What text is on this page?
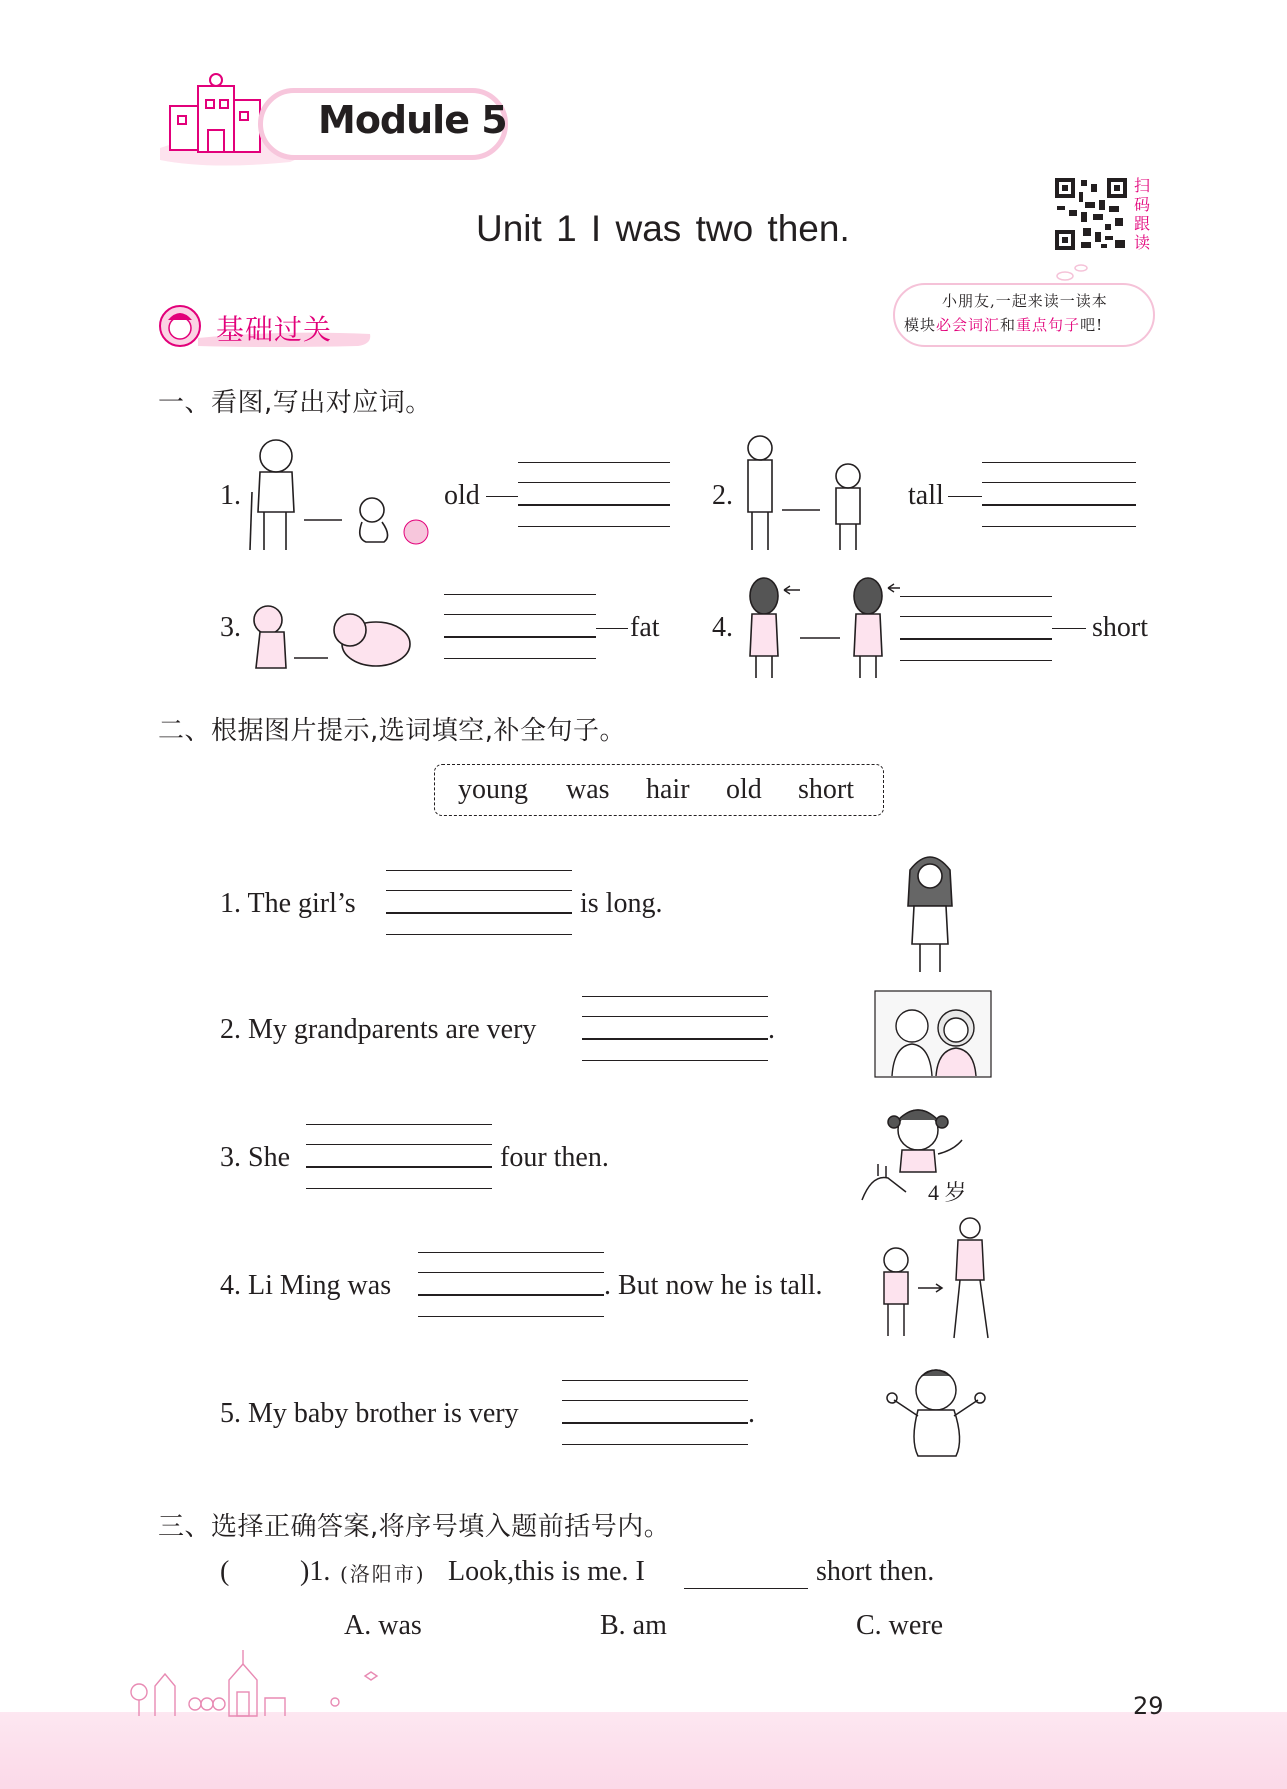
Module 5
Unit 1 I was two then.
扫码跟读
小朋友,一起来读一读本
模块必会词汇和重点句子吧!
基础过关
一、看图,写出对应词。
1.	old	2.	tall
3.	fat 4.	short
二、根据图片提示,选词填空,补全句子。
young was hair old short
1. The girl’s	is long.
2. My grandparents are very	.
3. She	four then.
4 岁
4. Li Ming was	. But now he is tall.
5. My baby brother is very	.
三、选择正确答案,将序号填入题前括号内。
(	)1. (洛阳市) Look,this is me. I	short then.
A. was	B. am	C. were
29
